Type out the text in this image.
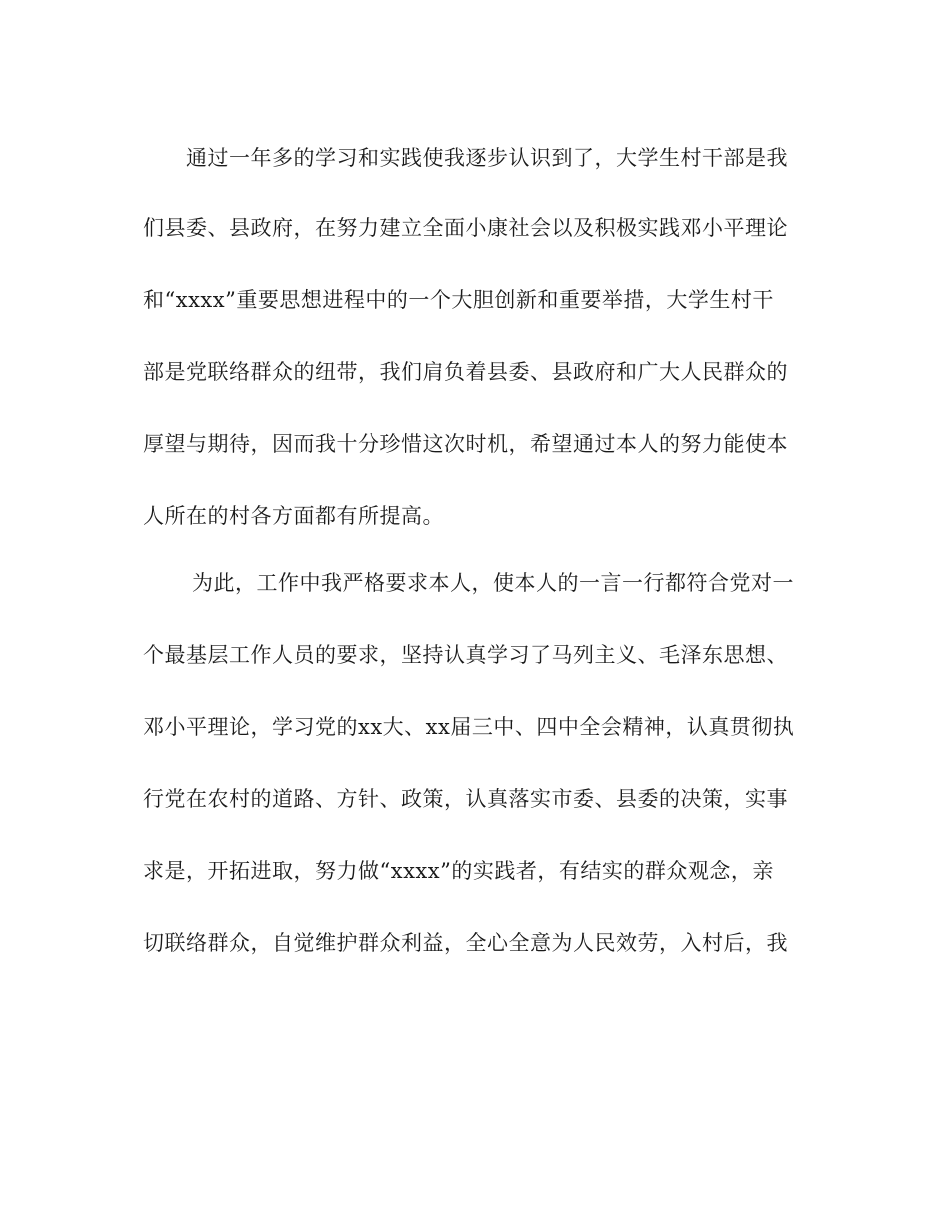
通过一年多的学习和实践使我逐步认识到了，大学生村干部是我
们县委、县政府，在努力建立全面小康社会以及积极实践邓小平理论
和“xxxx”重要思想进程中的一个大胆创新和重要举措，大学生村干
部是党联络群众的纽带，我们肩负着县委、县政府和广大人民群众的
厚望与期待，因而我十分珍惜这次时机，希望通过本人的努力能使本
人所在的村各方面都有所提高。
为此，工作中我严格要求本人，使本人的一言一行都符合党对一
个最基层工作人员的要求，坚持认真学习了马列主义、毛泽东思想、
邓小平理论，学习党的xx大、xx届三中、四中全会精神，认真贯彻执
行党在农村的道路、方针、政策，认真落实市委、县委的决策，实事
求是，开拓进取，努力做“xxxx”的实践者，有结实的群众观念，亲
切联络群众，自觉维护群众利益，全心全意为人民效劳，入村后，我
